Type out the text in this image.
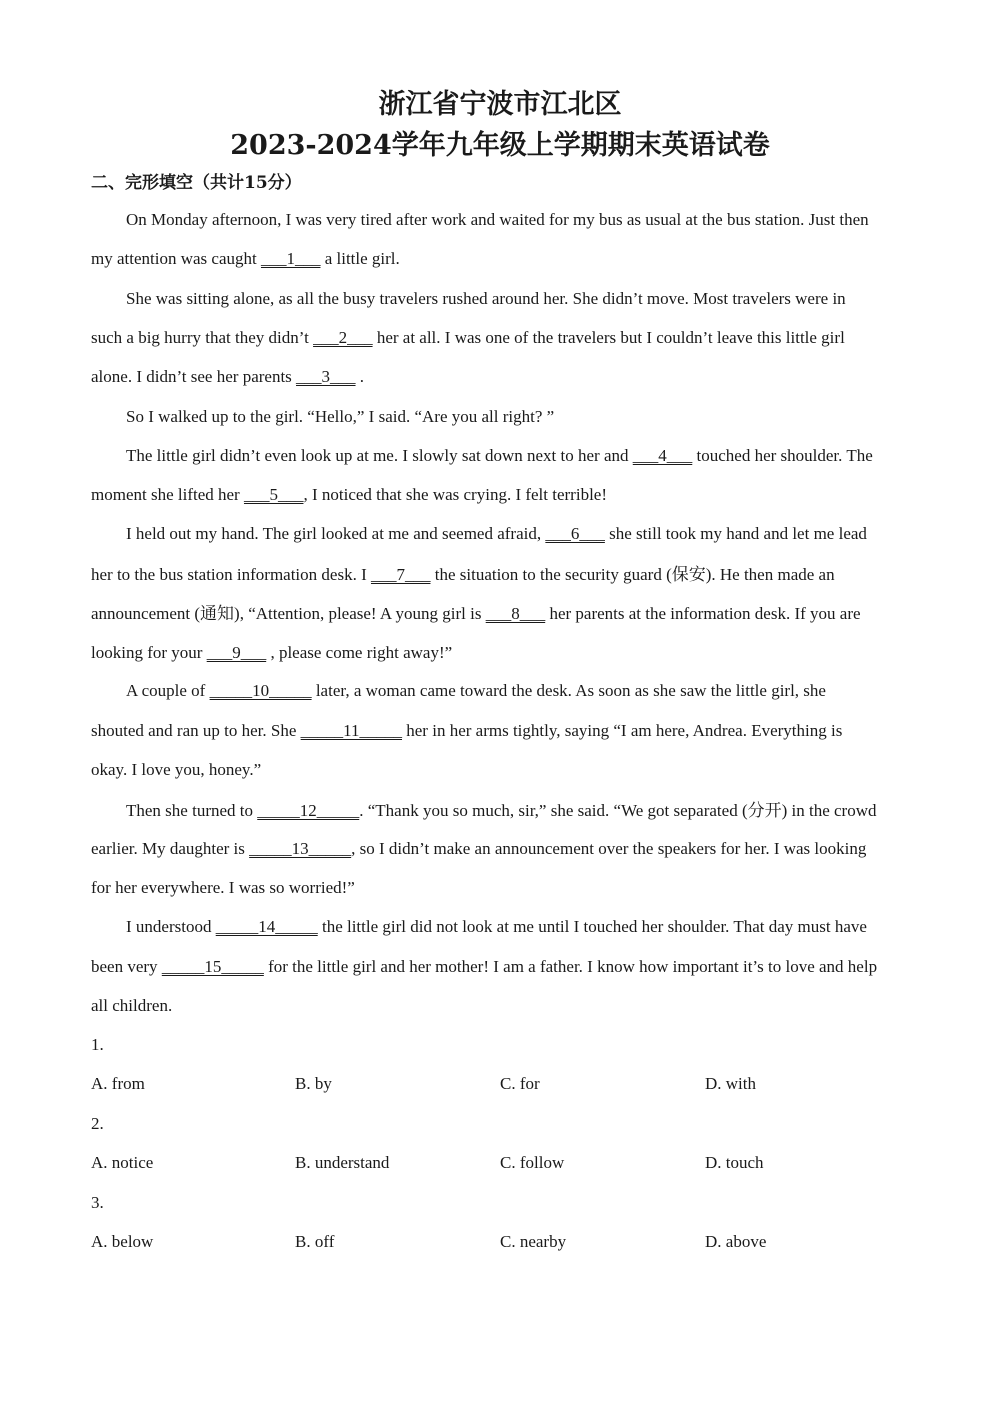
浙江省宁波市江北区
2023-2024学年九年级上学期期末英语试卷
二、完形填空（共计15分）
On Monday afternoon, I was very tired after work and waited for my bus as usual at the bus station. Just then
my attention was caught ___1___ a little girl.
She was sitting alone, as all the busy travelers rushed around her. She didn’t move. Most travelers were in
such a big hurry that they didn’t ___2___ her at all. I was one of the travelers but I couldn’t leave this little girl
alone. I didn’t see her parents ___3___ .
So I walked up to the girl. “Hello,” I said. “Are you all right? ”
The little girl didn’t even look up at me. I slowly sat down next to her and ___4___ touched her shoulder. The
moment she lifted her ___5___, I noticed that she was crying. I felt terrible!
I held out my hand. The girl looked at me and seemed afraid, ___6___ she still took my hand and let me lead
her to the bus station information desk. I ___7___ the situation to the security guard (保安). He then made an
announcement (通知), “Attention, please! A young girl is ___8___ her parents at the information desk. If you are
looking for your ___9___ , please come right away!”
A couple of _____10_____ later, a woman came toward the desk. As soon as she saw the little girl, she
shouted and ran up to her. She _____11_____ her in her arms tightly, saying “I am here, Andrea. Everything is
okay. I love you, honey.”
Then she turned to _____12_____. “Thank you so much, sir,” she said. “We got separated (分开) in the crowd
earlier. My daughter is _____13_____, so I didn’t make an announcement over the speakers for her. I was looking
for her everywhere. I was so worried!”
I understood _____14_____ the little girl did not look at me until I touched her shoulder. That day must have
been very _____15_____ for the little girl and her mother! I am a father. I know how important it’s to love and help
all children.
1.
A. from	B. by	C. for	D. with
2.
A. notice	B. understand	C. follow	D. touch
3.
A. below	B. off	C. nearby	D. above
